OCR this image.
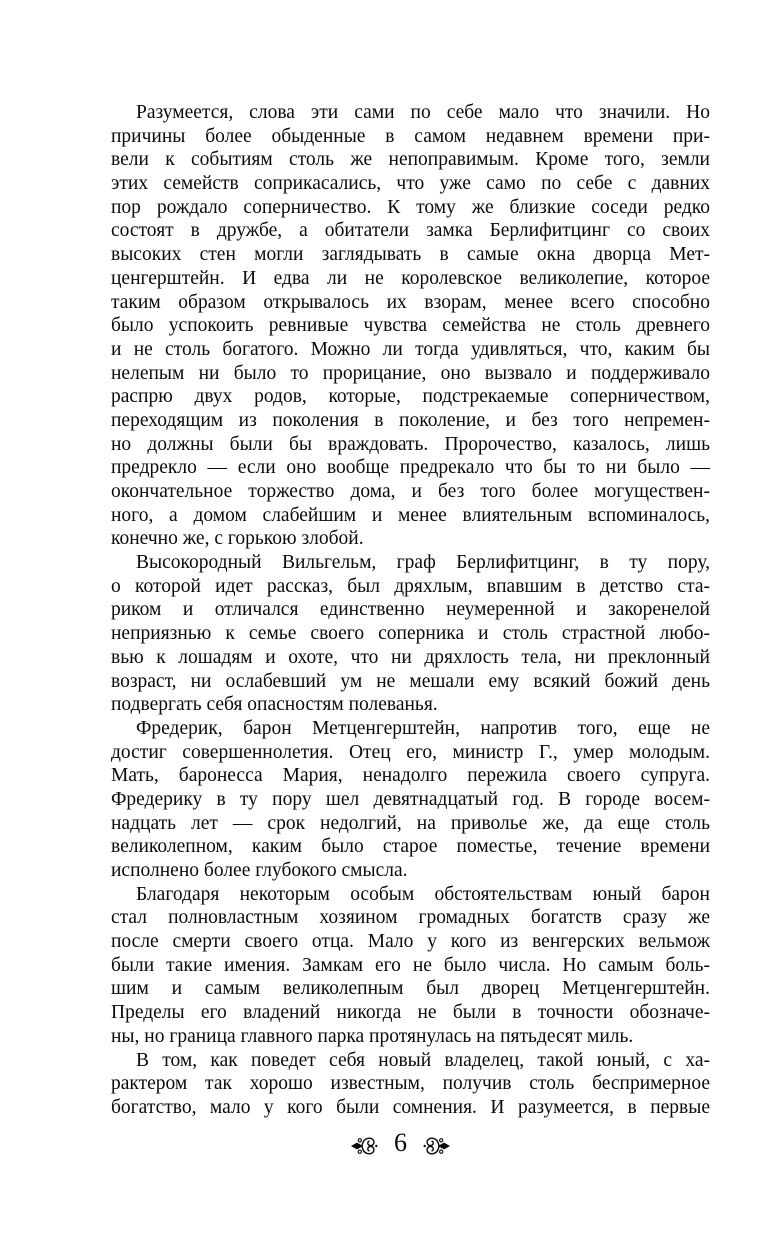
Разумеется, слова эти сами по себе мало что значили. Но
причины более обыденные в самом недавнем времени при-
вели к событиям столь же непоправимым. Кроме того, земли
этих семейств соприкасались, что уже само по себе с давних
пор рождало соперничество. К тому же близкие соседи редко
состоят в дружбе, а обитатели замка Берлифитцинг со своих
высоких стен могли заглядывать в самые окна дворца Мет-
ценгерштейн. И едва ли не королевское великолепие, которое
таким образом открывалось их взорам, менее всего способно
было успокоить ревнивые чувства семейства не столь древнего
и не столь богатого. Можно ли тогда удивляться, что, каким бы
нелепым ни было то прорицание, оно вызвало и поддерживало
распрю двух родов, которые, подстрекаемые соперничеством,
переходящим из поколения в поколение, и без того непремен-
но должны были бы враждовать. Пророчество, казалось, лишь
предрекло — если оно вообще предрекало что бы то ни было —
окончательное торжество дома, и без того более могуществен-
ного, а домом слабейшим и менее влиятельным вспоминалось,
конечно же, с горькою злобой.
Высокородный Вильгельм, граф Берлифитцинг, в ту пору,
о которой идет рассказ, был дряхлым, впавшим в детство ста-
риком и отличался единственно неумеренной и закоренелой
неприязнью к семье своего соперника и столь страстной любо-
вью к лошадям и охоте, что ни дряхлость тела, ни преклонный
возраст, ни ослабевший ум не мешали ему всякий божий день
подвергать себя опасностям полеванья.
Фредерик, барон Метценгерштейн, напротив того, еще не
достиг совершеннолетия. Отец его, министр Г., умер молодым.
Мать, баронесса Мария, ненадолго пережила своего супруга.
Фредерику в ту пору шел девятнадцатый год. В городе восем-
надцать лет — срок недолгий, на приволье же, да еще столь
великолепном, каким было старое поместье, течение времени
исполнено более глубокого смысла.
Благодаря некоторым особым обстоятельствам юный барон
стал полновластным хозяином громадных богатств сразу же
после смерти своего отца. Мало у кого из венгерских вельмож
были такие имения. Замкам его не было числа. Но самым боль-
шим и самым великолепным был дворец Метценгерштейн.
Пределы его владений никогда не были в точности обозначе-
ны, но граница главного парка протянулась на пятьдесят миль.
В том, как поведет себя новый владелец, такой юный, с ха-
рактером так хорошо известным, получив столь беспримерное
богатство, мало у кого были сомнения. И разумеется, в первые
6
